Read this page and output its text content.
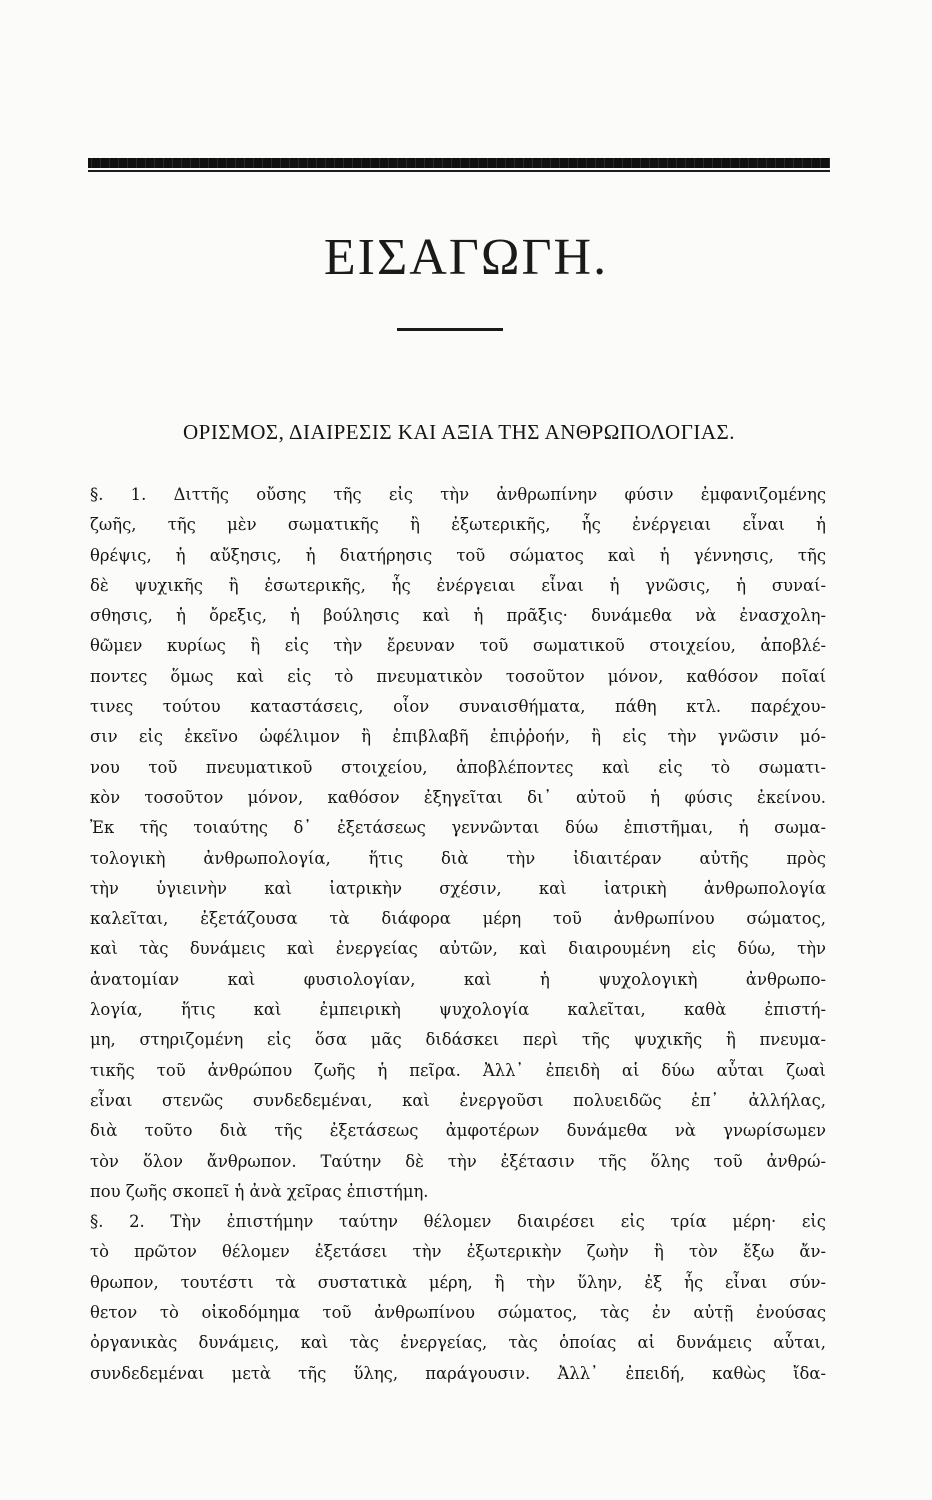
ΕΙΣΑΓΩΓΗ.
ΟΡΙΣΜΟΣ, ΔΙΑΙΡΕΣΙΣ ΚΑΙ ΑΞΙΑ ΤΗΣ ΑΝΘΡΩΠΟΛΟΓΙΑΣ.
§. 1. Διττῆς οὔσης τῆς εἰς τὴν ἀνθρωπίνην φύσιν ἐμφανιζομένης
ζωῆς, τῆς μὲν σωματικῆς ἢ ἐξωτερικῆς, ἧς ἐνέργειαι εἶναι ἡ
θρέψις, ἡ αὔξησις, ἡ διατήρησις τοῦ σώματος καὶ ἡ γέννησις, τῆς
δὲ ψυχικῆς ἢ ἐσωτερικῆς, ἧς ἐνέργειαι εἶναι ἡ γνῶσις, ἡ συναί-
σθησις, ἡ ὄρεξις, ἡ βούλησις καὶ ἡ πρᾶξις· δυνάμεθα νὰ ἐνασχολη-
θῶμεν κυρίως ἢ εἰς τὴν ἔρευναν τοῦ σωματικοῦ στοιχείου, ἀποβλέ-
ποντες ὅμως καὶ εἰς τὸ πνευματικὸν τοσοῦτον μόνον, καθόσον ποῖαί
τινες τούτου καταστάσεις, οἷον συναισθήματα, πάθη κτλ. παρέχου-
σιν εἰς ἐκεῖνο ὠφέλιμον ἢ ἐπιβλαβῆ ἐπιῤῥοήν, ἢ εἰς τὴν γνῶσιν μό-
νου τοῦ πνευματικοῦ στοιχείου, ἀποβλέποντες καὶ εἰς τὸ σωματι-
κὸν τοσοῦτον μόνον, καθόσον ἐξηγεῖται δι᾽ αὐτοῦ ἡ φύσις ἐκείνου.
Ἐκ τῆς τοιαύτης δ᾽ ἐξετάσεως γεννῶνται δύω ἐπιστῆμαι, ἡ σωμα-
τολογικὴ ἀνθρωπολογία, ἥτις διὰ τὴν ἰδιαιτέραν αὐτῆς πρὸς
τὴν ὑγιεινὴν καὶ ἰατρικὴν σχέσιν, καὶ ἰατρικὴ ἀνθρωπολογία
καλεῖται, ἐξετάζουσα τὰ διάφορα μέρη τοῦ ἀνθρωπίνου σώματος,
καὶ τὰς δυνάμεις καὶ ἐνεργείας αὐτῶν, καὶ διαιρουμένη εἰς δύω, τὴν
ἀνατομίαν καὶ φυσιολογίαν, καὶ ἡ ψυχολογικὴ ἀνθρωπο-
λογία, ἥτις καὶ ἐμπειρικὴ ψυχολογία καλεῖται, καθὰ ἐπιστή-
μη, στηριζομένη εἰς ὅσα μᾶς διδάσκει περὶ τῆς ψυχικῆς ἢ πνευμα-
τικῆς τοῦ ἀνθρώπου ζωῆς ἡ πεῖρα. Ἀλλ᾽ ἐπειδὴ αἱ δύω αὗται ζωαὶ
εἶναι στενῶς συνδεδεμέναι, καὶ ἐνεργοῦσι πολυειδῶς ἐπ᾽ ἀλλήλας,
διὰ τοῦτο διὰ τῆς ἐξετάσεως ἀμφοτέρων δυνάμεθα νὰ γνωρίσωμεν
τὸν ὅλον ἄνθρωπον. Ταύτην δὲ τὴν ἐξέτασιν τῆς ὅλης τοῦ ἀνθρώ-
που ζωῆς σκοπεῖ ἡ ἀνὰ χεῖρας ἐπιστήμη.
§. 2. Τὴν ἐπιστήμην ταύτην θέλομεν διαιρέσει εἰς τρία μέρη· εἰς
τὸ πρῶτον θέλομεν ἐξετάσει τὴν ἐξωτερικὴν ζωὴν ἢ τὸν ἔξω ἄν-
θρωπον, τουτέστι τὰ συστατικὰ μέρη, ἢ τὴν ὕλην, ἐξ ἧς εἶναι σύν-
θετον τὸ οἰκοδόμημα τοῦ ἀνθρωπίνου σώματος, τὰς ἐν αὐτῇ ἐνούσας
ὀργανικὰς δυνάμεις, καὶ τὰς ἐνεργείας, τὰς ὁποίας αἱ δυνάμεις αὗται,
συνδεδεμέναι μετὰ τῆς ὕλης, παράγουσιν. Ἀλλ᾽ ἐπειδή, καθὼς ἴδα-
